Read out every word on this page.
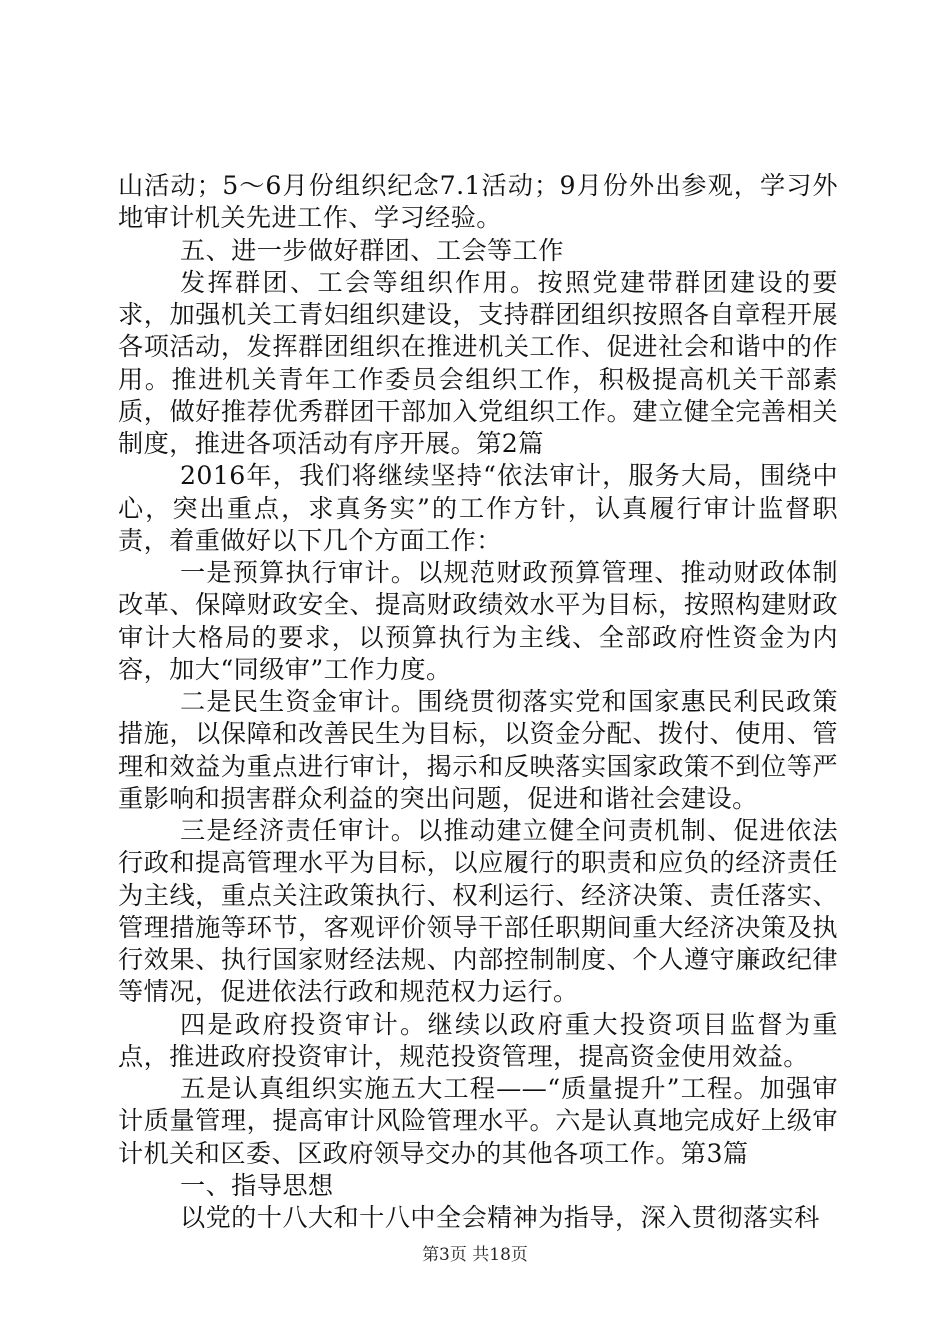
山活动；5～6月份组织纪念7.1活动；9月份外出参观，学习外地审计机关先进工作、学习经验。

五、进一步做好群团、工会等工作

发挥群团、工会等组织作用。按照党建带群团建设的要求，加强机关工青妇组织建设，支持群团组织按照各自章程开展各项活动，发挥群团组织在推进机关工作、促进社会和谐中的作用。推进机关青年工作委员会组织工作，积极提高机关干部素质，做好推荐优秀群团干部加入党组织工作。建立健全完善相关制度，推进各项活动有序开展。第2篇

2016年，我们将继续坚持“依法审计，服务大局，围绕中心，突出重点，求真务实”的工作方针，认真履行审计监督职责，着重做好以下几个方面工作：

一是预算执行审计。以规范财政预算管理、推动财政体制改革、保障财政安全、提高财政绩效水平为目标，按照构建财政审计大格局的要求，以预算执行为主线、全部政府性资金为内容，加大“同级审”工作力度。

二是民生资金审计。围绕贯彻落实党和国家惠民利民政策措施，以保障和改善民生为目标，以资金分配、拨付、使用、管理和效益为重点进行审计，揭示和反映落实国家政策不到位等严重影响和损害群众利益的突出问题，促进和谐社会建设。

三是经济责任审计。以推动建立健全问责机制、促进依法行政和提高管理水平为目标，以应履行的职责和应负的经济责任为主线，重点关注政策执行、权利运行、经济决策、责任落实、管理措施等环节，客观评价领导干部任职期间重大经济决策及执行效果、执行国家财经法规、内部控制制度、个人遵守廉政纪律等情况，促进依法行政和规范权力运行。

四是政府投资审计。继续以政府重大投资项目监督为重点，推进政府投资审计，规范投资管理，提高资金使用效益。

五是认真组织实施五大工程——“质量提升”工程。加强审计质量管理，提高审计风险管理水平。六是认真地完成好上级审计机关和区委、区政府领导交办的其他各项工作。第3篇

一、指导思想

以党的十八大和十八中全会精神为指导，深入贯彻落实科

第3页 共18页
